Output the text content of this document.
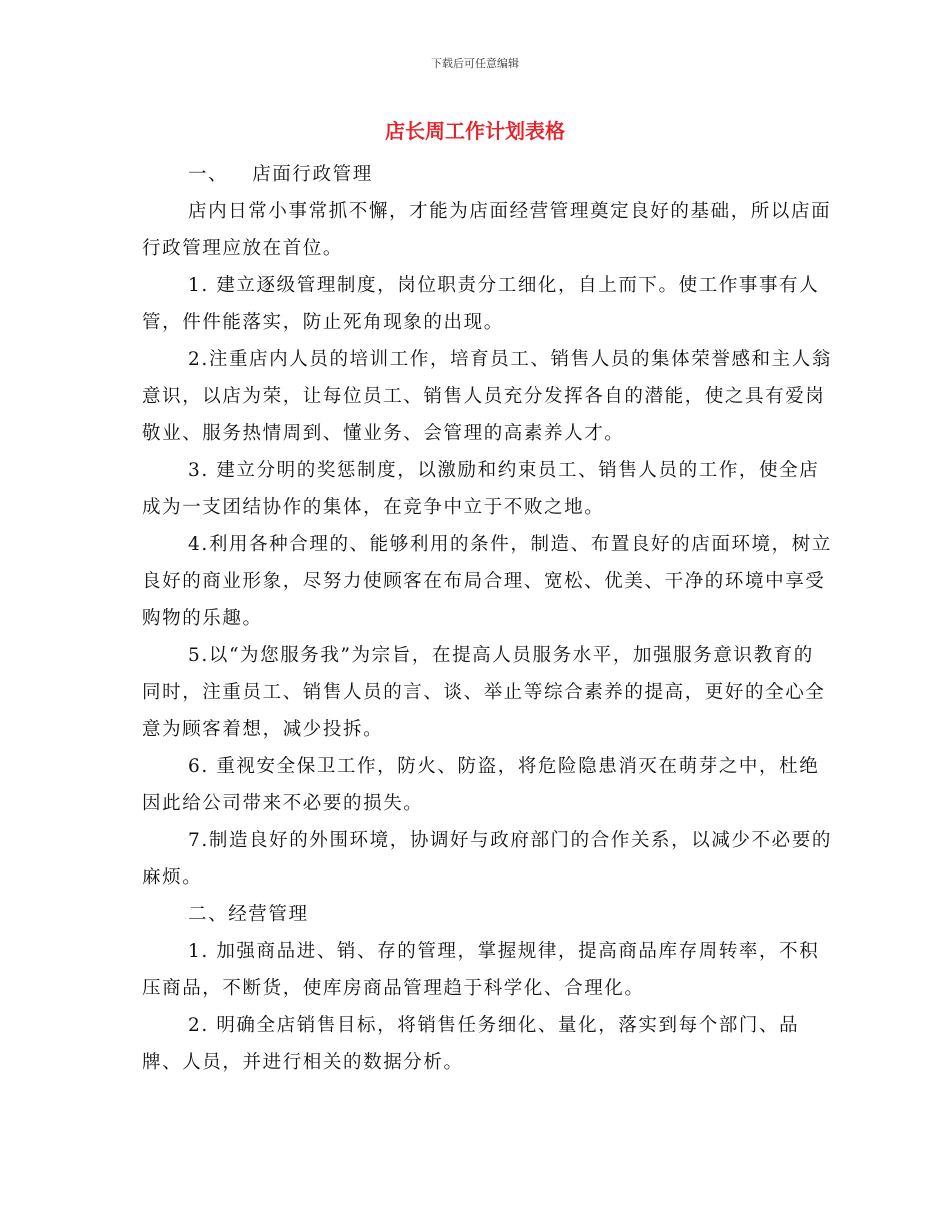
下载后可任意编辑
店长周工作计划表格

一、 店面行政管理

店内日常小事常抓不懈，才能为店面经营管理奠定良好的基础，所以店面行政管理应放在首位。

1. 建立逐级管理制度，岗位职责分工细化，自上而下。使工作事事有人管，件件能落实，防止死角现象的出现。

2.注重店内人员的培训工作，培育员工、销售人员的集体荣誉感和主人翁意识，以店为荣，让每位员工、销售人员充分发挥各自的潜能，使之具有爱岗敬业、服务热情周到、懂业务、会管理的高素养人才。

3. 建立分明的奖惩制度，以激励和约束员工、销售人员的工作，使全店成为一支团结协作的集体，在竞争中立于不败之地。

4.利用各种合理的、能够利用的条件，制造、布置良好的店面环境，树立良好的商业形象，尽努力使顾客在布局合理、宽松、优美、干净的环境中享受购物的乐趣。

5.以“为您服务我”为宗旨，在提高人员服务水平，加强服务意识教育的同时，注重员工、销售人员的言、谈、举止等综合素养的提高，更好的全心全意为顾客着想，减少投拆。

6. 重视安全保卫工作，防火、防盗，将危险隐患消灭在萌芽之中，杜绝因此给公司带来不必要的损失。

7.制造良好的外围环境，协调好与政府部门的合作关系，以减少不必要的麻烦。

二、经营管理

1. 加强商品进、销、存的管理，掌握规律，提高商品库存周转率，不积压商品，不断货，使库房商品管理趋于科学化、合理化。

2. 明确全店销售目标，将销售任务细化、量化，落实到每个部门、品牌、人员，并进行相关的数据分析。
